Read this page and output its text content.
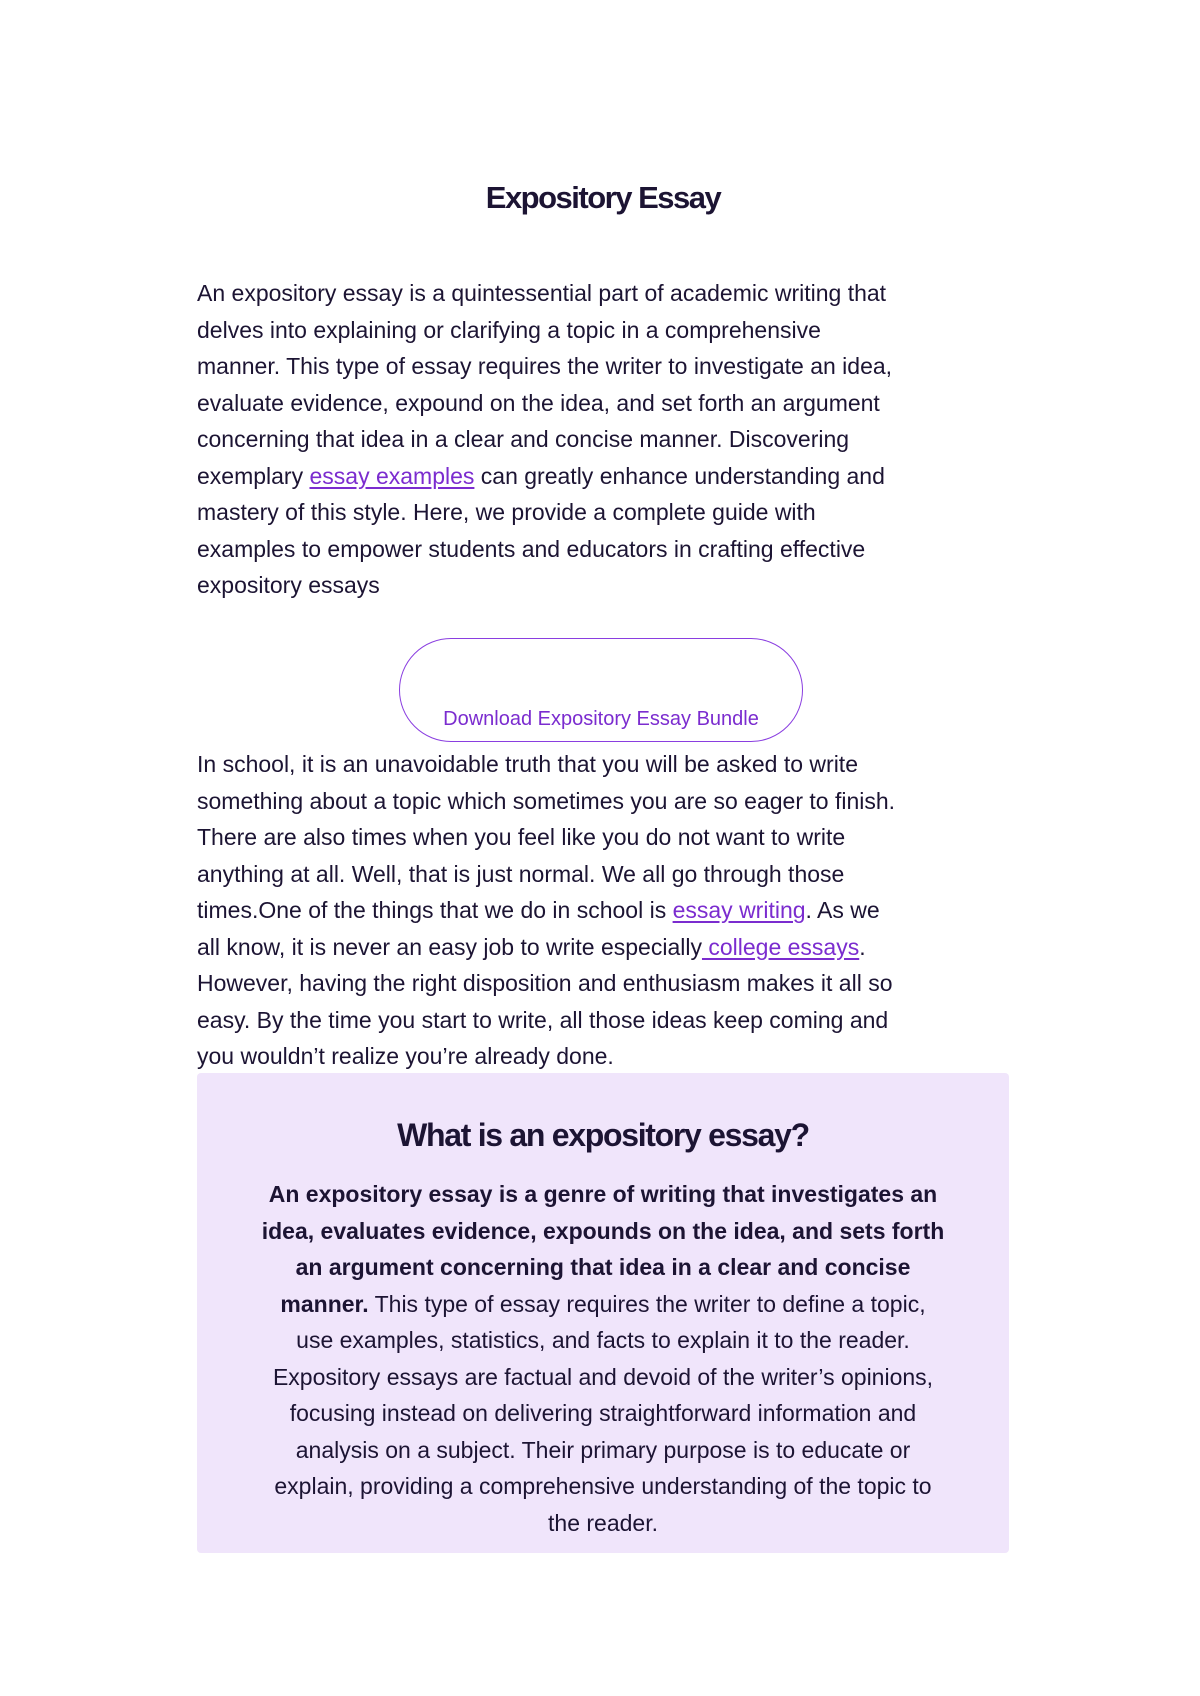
Expository Essay

An expository essay is a quintessential part of academic writing that
delves into explaining or clarifying a topic in a comprehensive
manner. This type of essay requires the writer to investigate an idea,
evaluate evidence, expound on the idea, and set forth an argument
concerning that idea in a clear and concise manner. Discovering
exemplary essay examples can greatly enhance understanding and
mastery of this style. Here, we provide a complete guide with
examples to empower students and educators in crafting effective
expository essays

Download Expository Essay Bundle

In school, it is an unavoidable truth that you will be asked to write
something about a topic which sometimes you are so eager to finish.
There are also times when you feel like you do not want to write
anything at all. Well, that is just normal. We all go through those
times.One of the things that we do in school is essay writing. As we
all know, it is never an easy job to write especially college essays.
However, having the right disposition and enthusiasm makes it all so
easy. By the time you start to write, all those ideas keep coming and
you wouldn’t realize you’re already done.

What is an expository essay?

An expository essay is a genre of writing that investigates an
idea, evaluates evidence, expounds on the idea, and sets forth
an argument concerning that idea in a clear and concise
manner. This type of essay requires the writer to define a topic,
use examples, statistics, and facts to explain it to the reader.
Expository essays are factual and devoid of the writer’s opinions,
focusing instead on delivering straightforward information and
analysis on a subject. Their primary purpose is to educate or
explain, providing a comprehensive understanding of the topic to
the reader.
